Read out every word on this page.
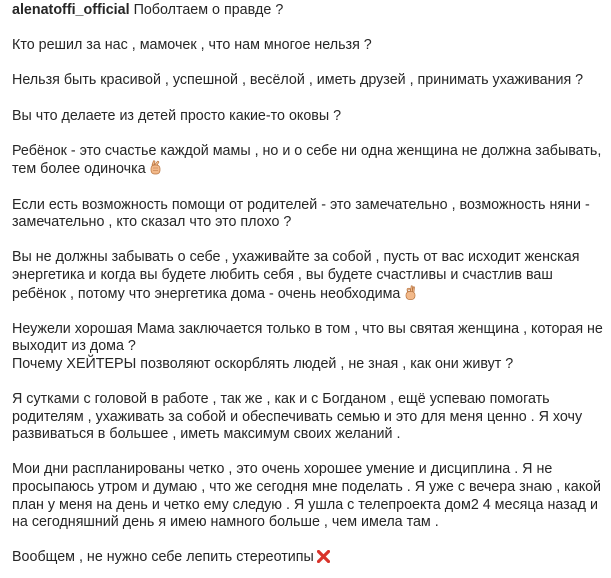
alenatoffi_official Поболтаем о правде ?

Кто решил за нас , мамочек , что нам многое нельзя ?

Нельзя быть красивой , успешной , весёлой , иметь друзей , принимать ухаживания ?

Вы что делаете из детей просто какие-то оковы ?

Ребёнок - это счастье каждой мамы , но и о себе ни одна женщина не должна забывать, тем более одиночка

Если есть возможность помощи от родителей - это замечательно , возможность няни - замечательно , кто сказал что это плохо ?

Вы не должны забывать о себе , ухаживайте за собой , пусть от вас исходит женская энергетика и когда вы будете любить себя , вы будете счастливы и счастлив ваш ребёнок , потому что энергетика дома - очень необходима

Неужели хорошая Мама заключается только в том , что вы святая женщина , которая не выходит из дома ?
Почему ХЕЙТЕРЫ позволяют оскорблять людей , не зная , как они живут ?

Я сутками с головой в работе , так же , как и с Богданом , ещё успеваю помогать родителям , ухаживать за собой и обеспечивать семью и это для меня ценно . Я хочу развиваться в большее , иметь максимум своих желаний .

Мои дни распланированы четко , это очень хорошее умение и дисциплина . Я не просыпаюсь утром и думаю , что же сегодня мне поделать . Я уже с вечера знаю , какой план у меня на день и четко ему следую . Я ушла с телепроекта дом2 4 месяца назад и на сегодняшний день я имею намного больше , чем имела там .

Вообщем , не нужно себе лепить стереотипы
